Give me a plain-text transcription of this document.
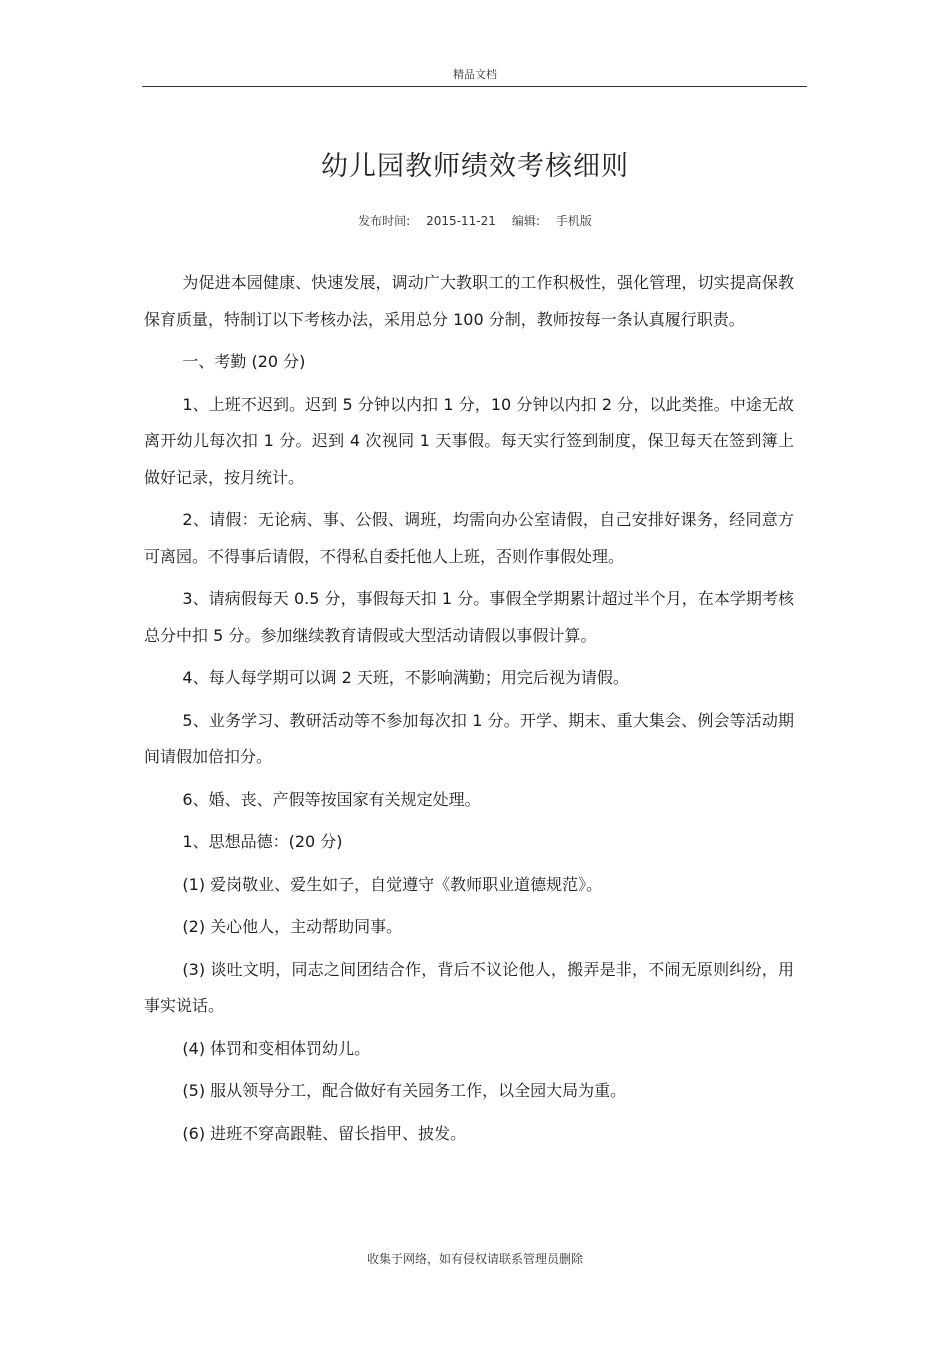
精品文档
幼儿园教师绩效考核细则
发布时间: 2015-11-21 编辑: 手机版

为促进本园健康、快速发展，调动广大教职工的工作积极性，强化管理，切实提高保教保育质量，特制订以下考核办法，采用总分 100 分制，教师按每一条认真履行职责。

一、考勤 (20 分)

1、上班不迟到。迟到 5 分钟以内扣 1 分，10 分钟以内扣 2 分，以此类推。中途无故离开幼儿每次扣 1 分。迟到 4 次视同 1 天事假。每天实行签到制度，保卫每天在签到簿上做好记录，按月统计。

2、请假：无论病、事、公假、调班，均需向办公室请假，自己安排好课务，经同意方可离园。不得事后请假，不得私自委托他人上班，否则作事假处理。

3、请病假每天 0.5 分，事假每天扣 1 分。事假全学期累计超过半个月，在本学期考核总分中扣 5 分。参加继续教育请假或大型活动请假以事假计算。

4、每人每学期可以调 2 天班，不影响满勤；用完后视为请假。

5、业务学习、教研活动等不参加每次扣 1 分。开学、期末、重大集会、例会等活动期间请假加倍扣分。

6、婚、丧、产假等按国家有关规定处理。

1、思想品德：(20 分)

(1) 爱岗敬业、爱生如子，自觉遵守《教师职业道德规范》。

(2) 关心他人，主动帮助同事。

(3) 谈吐文明，同志之间团结合作，背后不议论他人，搬弄是非，不闹无原则纠纷，用事实说话。

(4) 体罚和变相体罚幼儿。

(5) 服从领导分工，配合做好有关园务工作，以全园大局为重。

(6) 进班不穿高跟鞋、留长指甲、披发。

收集于网络，如有侵权请联系管理员删除
